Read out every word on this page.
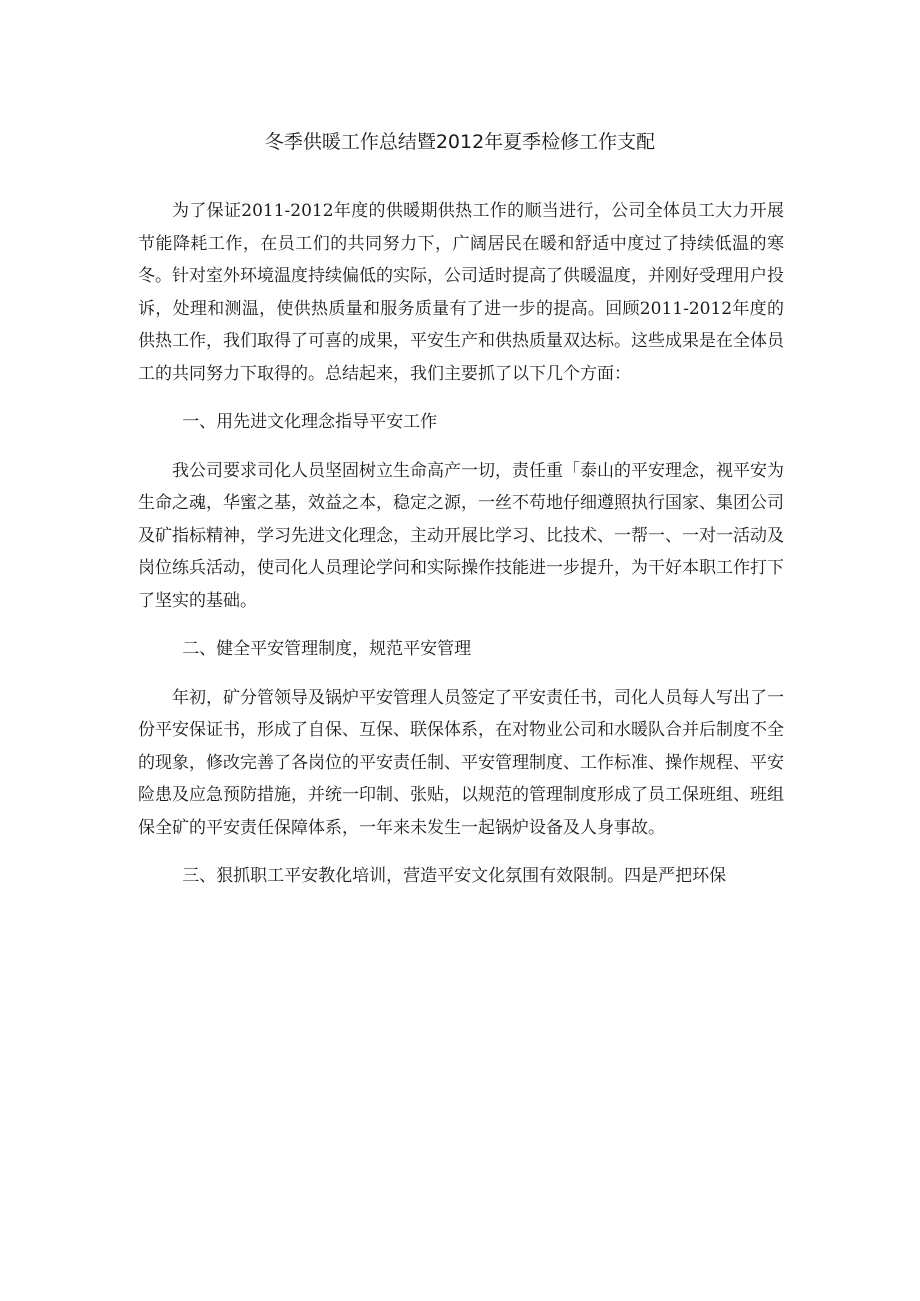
冬季供暖工作总结暨2012年夏季检修工作支配

为了保证2011-2012年度的供暖期供热工作的顺当进行，公司全体员工大力开展节能降耗工作，在员工们的共同努力下，广阔居民在暖和舒适中度过了持续低温的寒冬。针对室外环境温度持续偏低的实际，公司适时提高了供暖温度，并刚好受理用户投诉，处理和测温，使供热质量和服务质量有了进一步的提高。回顾2011-2012年度的供热工作，我们取得了可喜的成果，平安生产和供热质量双达标。这些成果是在全体员工的共同努力下取得的。总结起来，我们主要抓了以下几个方面：

一、用先进文化理念指导平安工作

我公司要求司化人员坚固树立生命高产一切，责任重「泰山的平安理念，视平安为生命之魂，华蜜之基，效益之本，稳定之源，一丝不苟地仔细遵照执行国家、集团公司及矿指标精神，学习先进文化理念，主动开展比学习、比技术、一帮一、一对一活动及岗位练兵活动，使司化人员理论学问和实际操作技能进一步提升，为干好本职工作打下了坚实的基础。

二、健全平安管理制度，规范平安管理

年初，矿分管领导及锅炉平安管理人员签定了平安责任书，司化人员每人写出了一份平安保证书，形成了自保、互保、联保体系，在对物业公司和水暖队合并后制度不全的现象，修改完善了各岗位的平安责任制、平安管理制度、工作标准、操作规程、平安险患及应急预防措施，并统一印制、张贴，以规范的管理制度形成了员工保班组、班组保全矿的平安责任保障体系，一年来未发生一起锅炉设备及人身事故。

三、狠抓职工平安教化培训，营造平安文化氛围有效限制。四是严把环保
